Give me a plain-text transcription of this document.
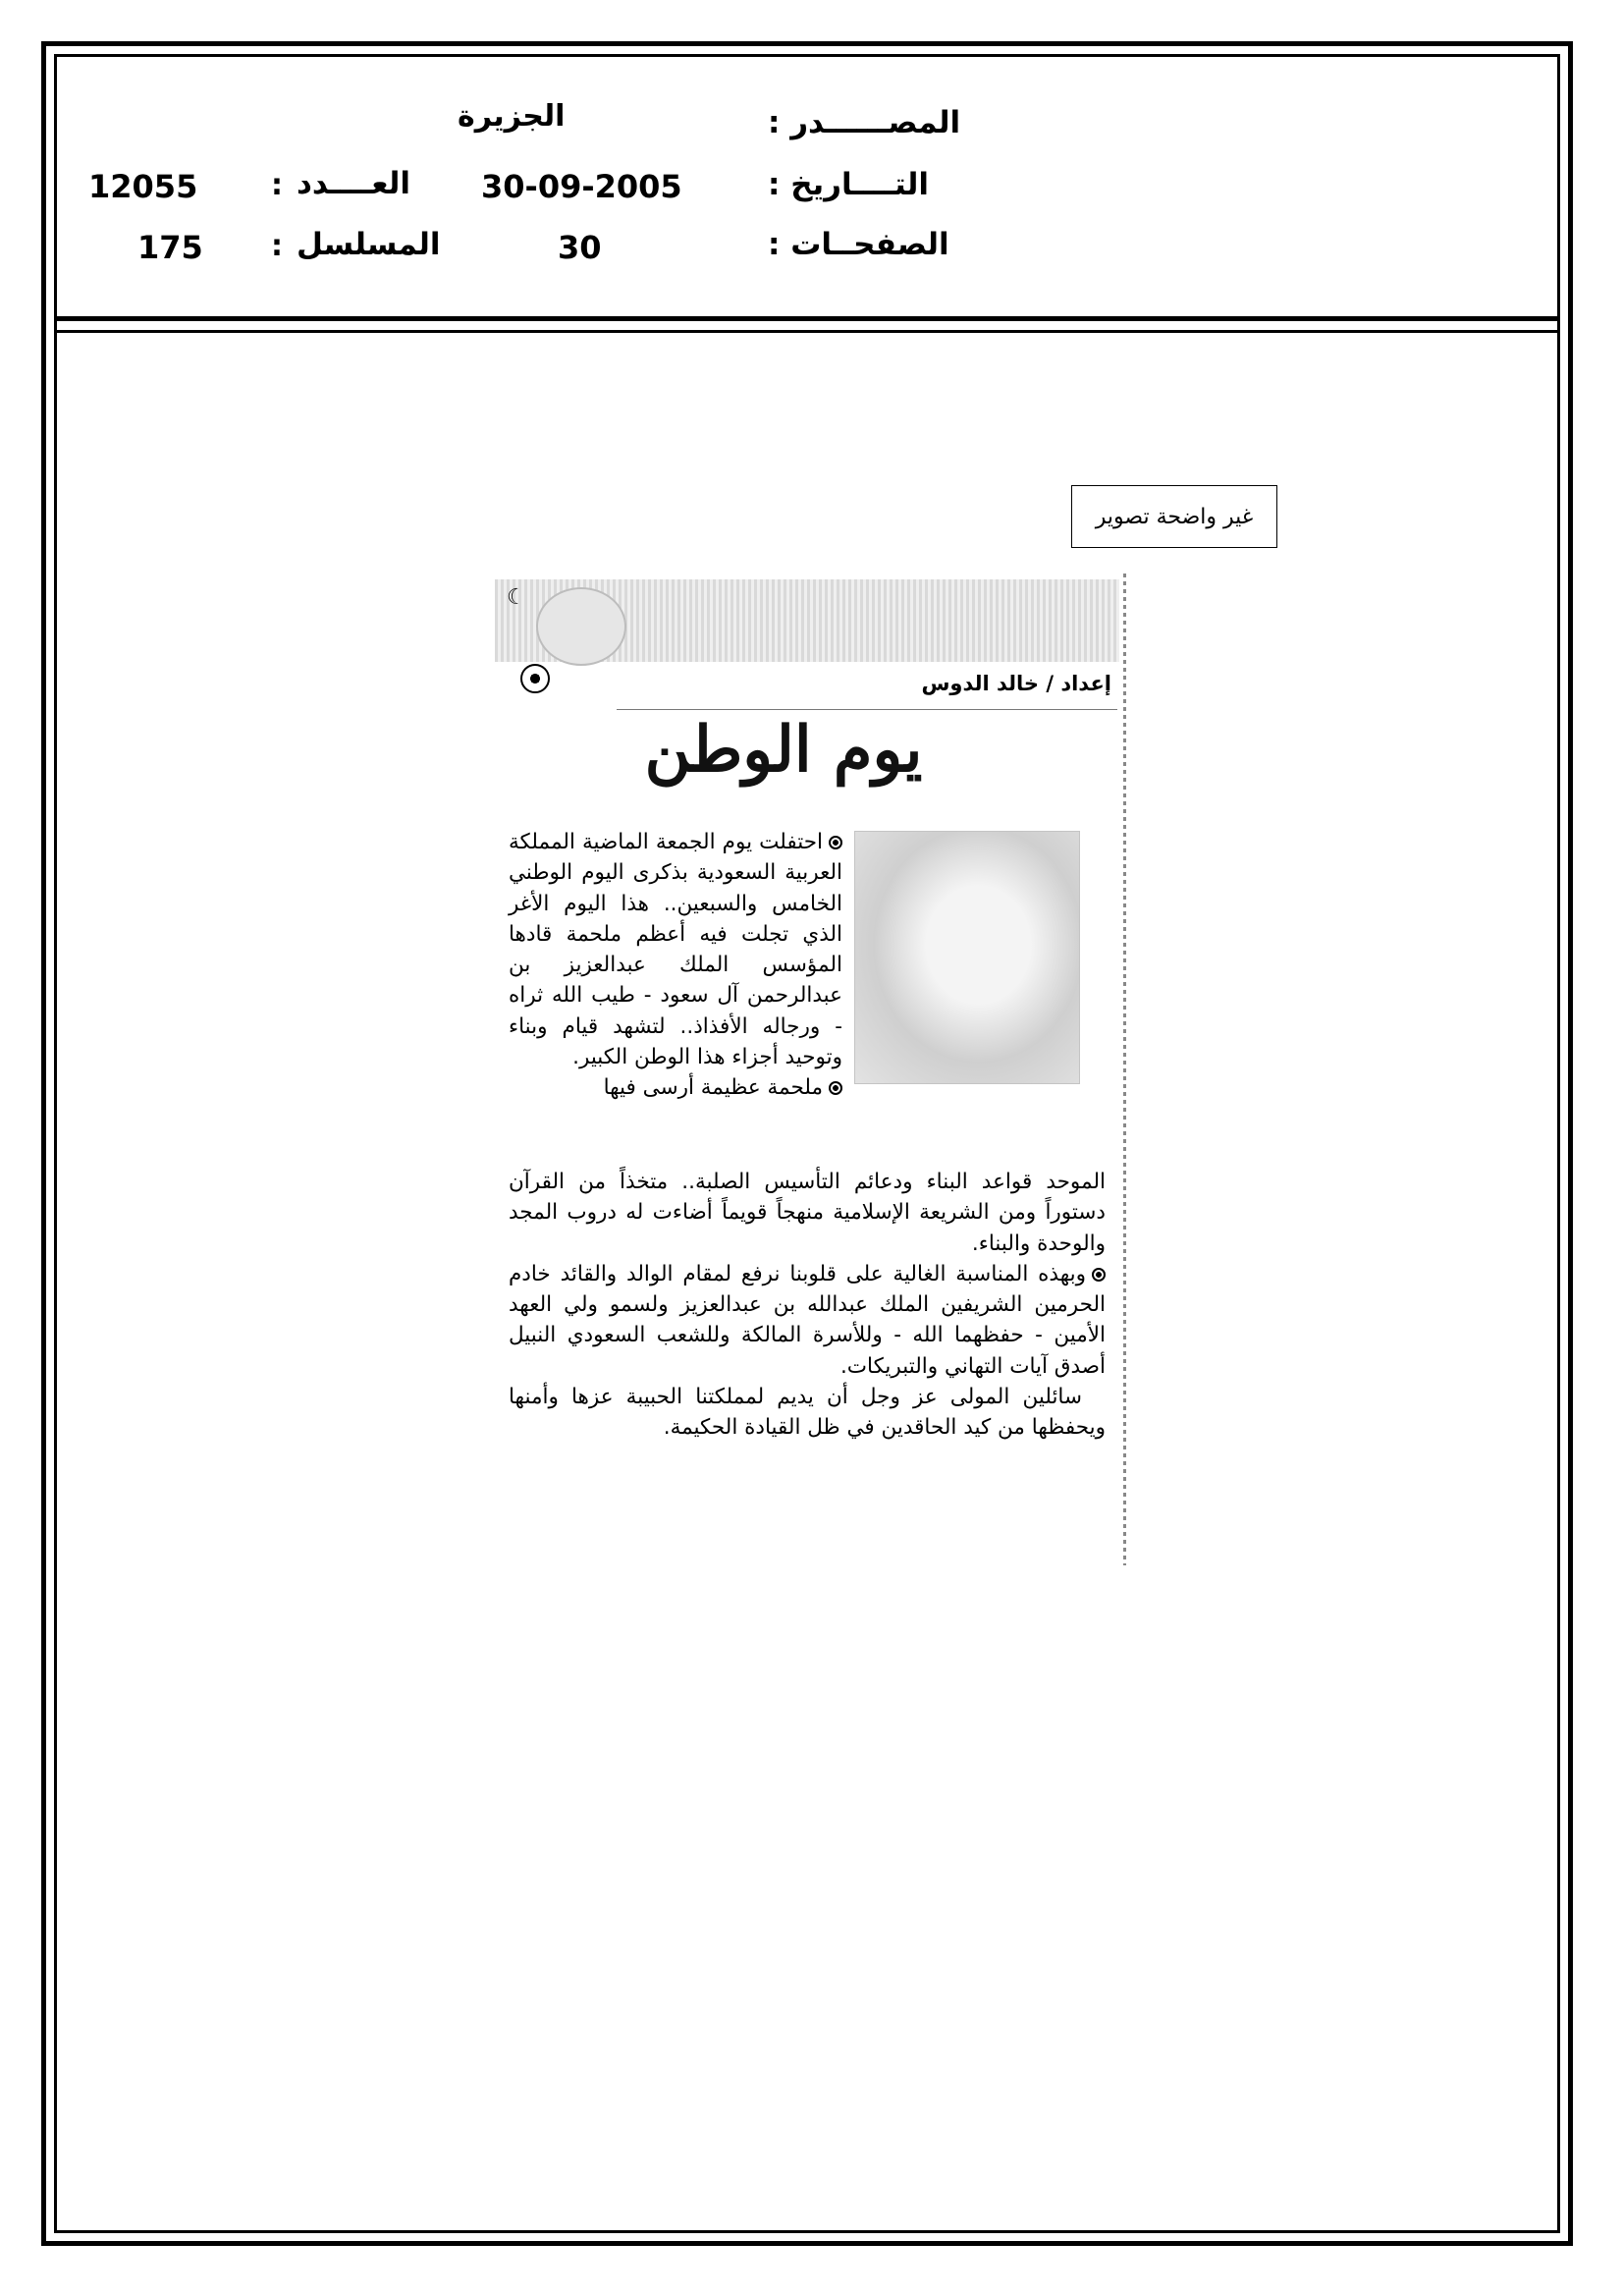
المصــــــدر :
التــــاريخ :
الصفحــات :
الجزيرة
30-09-2005
30
العــــدد
:
12055
المسلسل
:
175
غير واضحة تصوير
☾
إعداد / خالد الدوس
يوم الوطن

احتفلت يوم الجمعة الماضية المملكة العربية السعودية بذكرى اليوم الوطني الخامس والسبعين.. هذا اليوم الأغر الذي تجلت فيه أعظم ملحمة قادها المؤسس الملك عبدالعزيز بن عبدالرحمن آل سعود - طيب الله ثراه - ورجاله الأفذاذ.. لتشهد قيام وبناء وتوحيد أجزاء هذا الوطن الكبير.

ملحمة عظيمة أرسى فيها

الموحد قواعد البناء ودعائم التأسيس الصلبة.. متخذاً من القرآن دستوراً ومن الشريعة الإسلامية منهجاً قويماً أضاءت له دروب المجد والوحدة والبناء.

وبهذه المناسبة الغالية على قلوبنا نرفع لمقام الوالد والقائد خادم الحرمين الشريفين الملك عبدالله بن عبدالعزيز ولسمو ولي العهد الأمين - حفظهما الله - وللأسرة المالكة وللشعب السعودي النبيل أصدق آيات التهاني والتبريكات.

سائلين المولى عز وجل أن يديم لمملكتنا الحبيبة عزها وأمنها ويحفظها من كيد الحاقدين في ظل القيادة الحكيمة.
